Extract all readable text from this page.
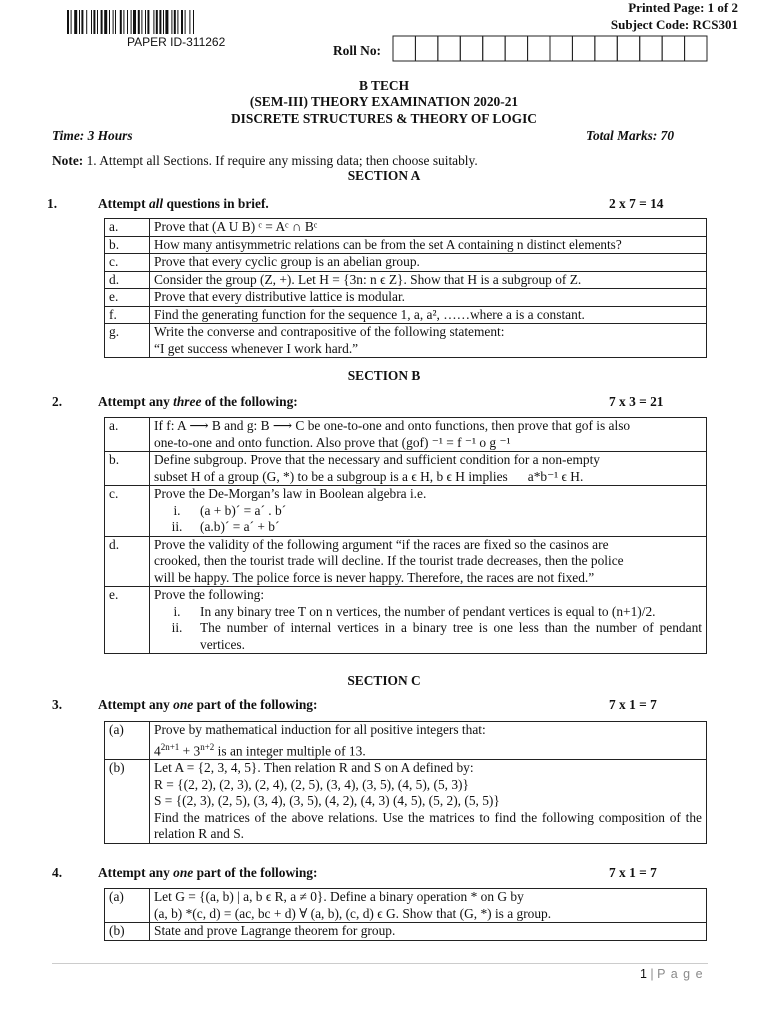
PAPER ID-311262
Printed Page: 1 of 2
Subject Code: RCS301
Roll No:
B TECH
(SEM-III) THEORY EXAMINATION 2020-21
DISCRETE STRUCTURES & THEORY OF LOGIC
Time: 3 Hours	Total Marks: 70
Note: 1. Attempt all Sections. If require any missing data; then choose suitably.
SECTION A
1.	Attempt all questions in brief.	2 x 7 = 14
a.	Prove that (A U B) ᶜ = Aᶜ ∩ Bᶜ
b.	How many antisymmetric relations can be from the set A containing n distinct elements?
c.	Prove that every cyclic group is an abelian group.
d.	Consider the group (Z, +). Let H = {3n: n ϵ Z}. Show that H is a subgroup of Z.
e.	Prove that every distributive lattice is modular.
f.	Find the generating function for the sequence 1, a, a², ……where a is a constant.
g.	Write the converse and contrapositive of the following statement:
“I get success whenever I work hard.”
SECTION B
2.	Attempt any three of the following:	7 x 3 = 21
a.	If f: A ⟶ B and g: B ⟶ C be one-to-one and onto functions, then prove that gof is also
one-to-one and onto function. Also prove that (gof) ⁻¹ = f ⁻¹ o g ⁻¹

b.	Define subgroup. Prove that the necessary and sufficient condition for a non-empty
subset H of a group (G, *) to be a subgroup is a ϵ H, b ϵ H implies a*b⁻¹ ϵ H.

c.	Prove the De-Morgan’s law in Boolean algebra i.e.
i. (a + b)´ = a´ . b´
ii. (a.b)´ = a´ + b´

d.	Prove the validity of the following argument “if the races are fixed so the casinos are
crooked, then the tourist trade will decline. If the tourist trade decreases, then the police
will be happy. The police force is never happy. Therefore, the races are not fixed.”

e.	Prove the following:
i. In any binary tree T on n vertices, the number of pendant vertices is equal to (n+1)/2.
ii. The number of internal vertices in a binary tree is one less than the number of pendant vertices.
SECTION C
3.	Attempt any one part of the following:	7 x 1 = 7
(a)	Prove by mathematical induction for all positive integers that:
$4^{2n+1} + 3^{n+2}$ is an integer multiple of 13.

(b)	Let A = {2, 3, 4, 5}. Then relation R and S on A defined by:
R = {(2, 2), (2, 3), (2, 4), (2, 5), (3, 4), (3, 5), (4, 5), (5, 3)}
S = {(2, 3), (2, 5), (3, 4), (3, 5), (4, 2), (4, 3) (4, 5), (5, 2), (5, 5)}
Find the matrices of the above relations. Use the matrices to find the following composition of the relation R and S.
4.	Attempt any one part of the following:	7 x 1 = 7
(a)	Let G = {(a, b) | a, b ϵ R, a ≠ 0}. Define a binary operation * on G by
(a, b) *(c, d) = (ac, bc + d) ∀ (a, b), (c, d) ϵ G. Show that (G, *) is a group.

(b)	State and prove Lagrange theorem for group.
1 | P a g e
